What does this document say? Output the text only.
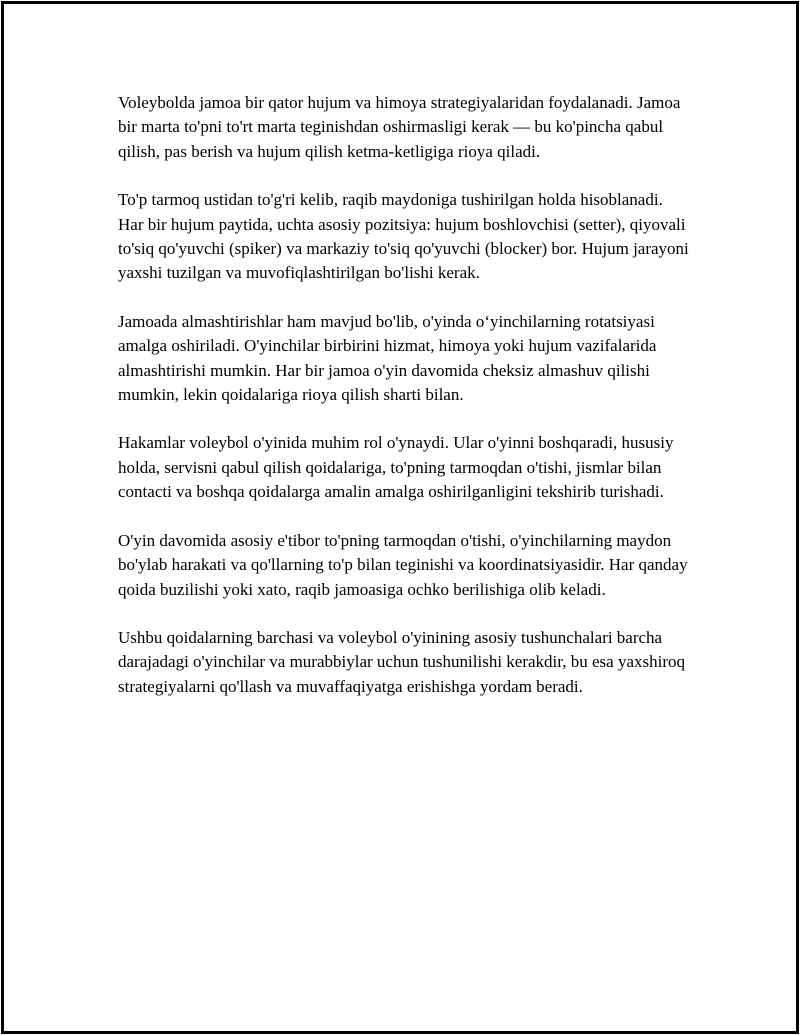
Voleybolda jamoa bir qator hujum va himoya strategiyalaridan foydalanadi. Jamoa bir marta to'pni to'rt marta teginishdan oshirmasligi kerak — bu ko'pincha qabul qilish, pas berish va hujum qilish ketma-ketligiga rioya qiladi.

To'p tarmoq ustidan to'g'ri kelib, raqib maydoniga tushirilgan holda hisoblanadi. Har bir hujum paytida, uchta asosiy pozitsiya: hujum boshlovchisi (setter), qiyovali to'siq qo'yuvchi (spiker) va markaziy to'siq qo'yuvchi (blocker) bor. Hujum jarayoni yaxshi tuzilgan va muvofiqlashtirilgan bo'lishi kerak.

Jamoada almashtirishlar ham mavjud bo'lib, o'yinda o‘yinchilarning rotatsiyasi amalga oshiriladi. O'yinchilar birbirini hizmat, himoya yoki hujum vazifalarida almashtirishi mumkin. Har bir jamoa o'yin davomida cheksiz almashuv qilishi mumkin, lekin qoidalariga rioya qilish sharti bilan.

Hakamlar voleybol o'yinida muhim rol o'ynaydi. Ular o'yinni boshqaradi, hususiy holda, servisni qabul qilish qoidalariga, to'pning tarmoqdan o'tishi, jismlar bilan contacti va boshqa qoidalarga amalin amalga oshirilganligini tekshirib turishadi.

O'yin davomida asosiy e'tibor to'pning tarmoqdan o'tishi, o'yinchilarning maydon bo'ylab harakati va qo'llarning to'p bilan teginishi va koordinatsiyasidir. Har qanday qoida buzilishi yoki xato, raqib jamoasiga ochko berilishiga olib keladi.

Ushbu qoidalarning barchasi va voleybol o'yinining asosiy tushunchalari barcha darajadagi o'yinchilar va murabbiylar uchun tushunilishi kerakdir, bu esa yaxshiroq strategiyalarni qo'llash va muvaffaqiyatga erishishga yordam beradi.
